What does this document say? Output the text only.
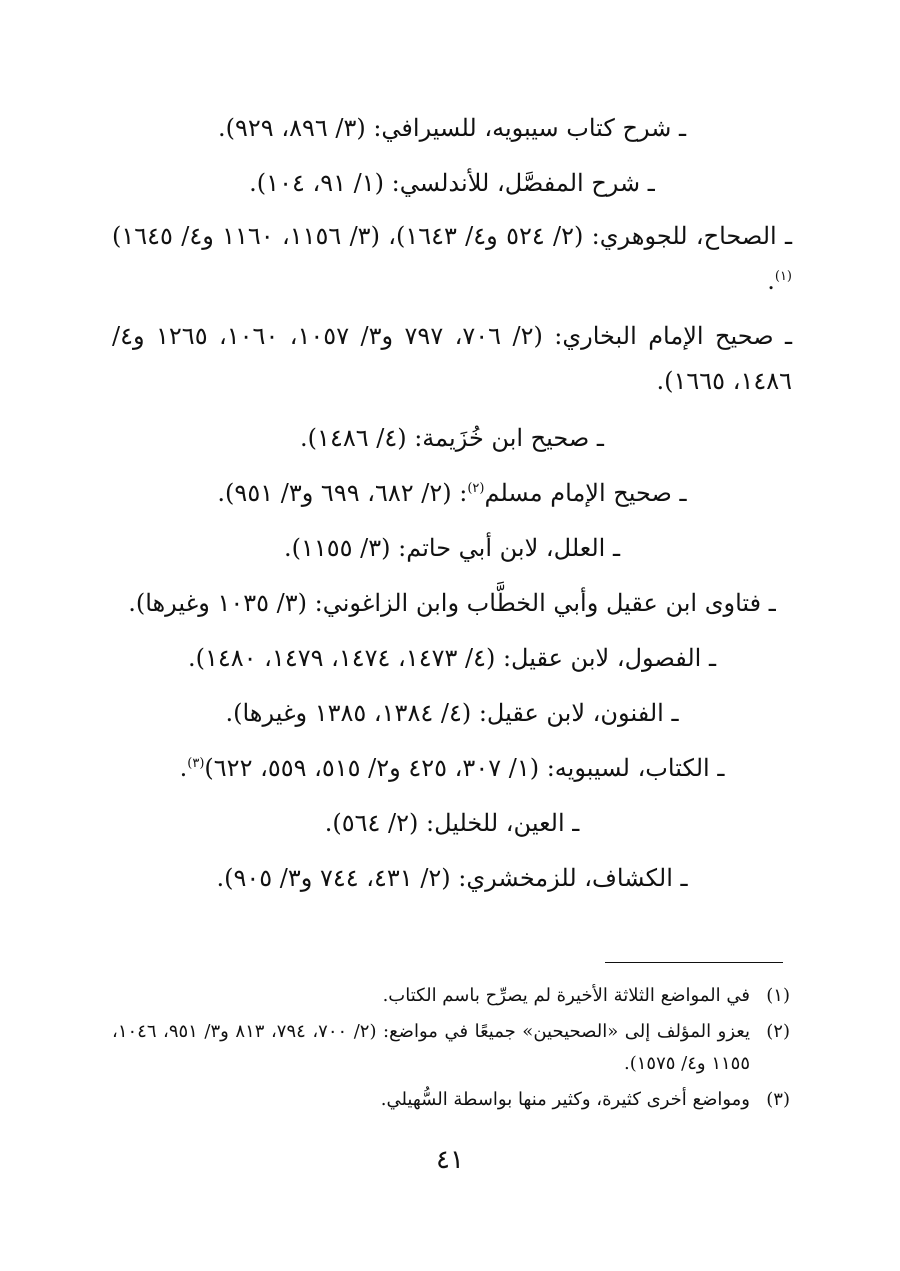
ـ شرح كتاب سيبويه، للسيرافي: (٣/ ٨٩٦، ٩٢٩).
ـ شرح المفصَّل، للأندلسي: (١/ ٩١، ١٠٤).
ـ الصحاح، للجوهري: (٢/ ٥٢٤ و٤/ ١٦٤٣)، (٣/ ١١٥٦، ١١٦٠ و٤/ ١٦٤٥)$^{(١)}$.
ـ صحيح الإمام البخاري: (٢/ ٧٠٦، ٧٩٧ و٣/ ١٠٥٧، ١٠٦٠، ١٢٦٥ و٤/ ١٤٨٦، ١٦٦٥).
ـ صحيح ابن خُزَيمة: (٤/ ١٤٨٦).
ـ صحيح الإمام مسلم$^{(٢)}$: (٢/ ٦٨٢، ٦٩٩ و٣/ ٩٥١).
ـ العلل، لابن أبي حاتم: (٣/ ١١٥٥).
ـ فتاوى ابن عقيل وأبي الخطَّاب وابن الزاغوني: (٣/ ١٠٣٥ وغيرها).
ـ الفصول، لابن عقيل: (٤/ ١٤٧٣، ١٤٧٤، ١٤٧٩، ١٤٨٠).
ـ الفنون، لابن عقيل: (٤/ ١٣٨٤، ١٣٨٥ وغيرها).
ـ الكتاب، لسيبويه: (١/ ٣٠٧، ٤٢٥ و٢/ ٥١٥، ٥٥٩، ٦٢٢)$^{(٣)}$.
ـ العين، للخليل: (٢/ ٥٦٤).
ـ الكشاف، للزمخشري: (٢/ ٤٣١، ٧٤٤ و٣/ ٩٠٥).
(١)
في المواضع الثلاثة الأخيرة لم يصرِّح باسم الكتاب.
(٢)
يعزو المؤلف إلى «الصحيحين» جميعًا في مواضع: (٢/ ٧٠٠، ٧٩٤، ٨١٣ و٣/ ٩٥١، ١٠٤٦، ١١٥٥ و٤/ ١٥٧٥).
(٣)
ومواضع أخرى كثيرة، وكثير منها بواسطة السُّهيلي.
٤١
